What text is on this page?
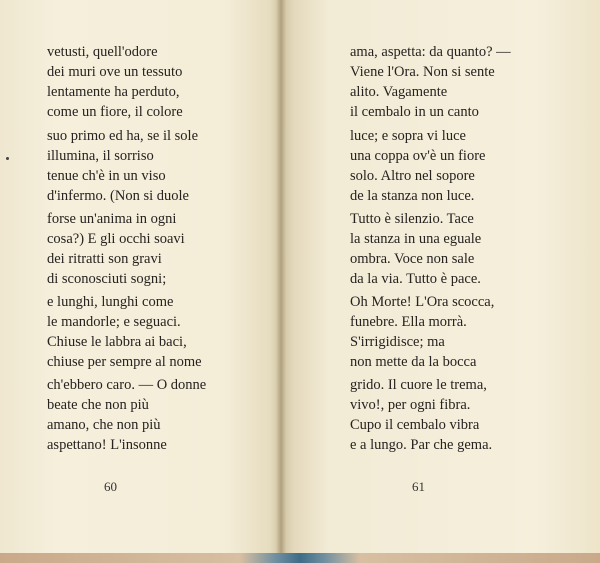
vetusti, quell'odore
dei muri ove un tessuto
lentamente ha perduto,
come un fiore, il colore
suo primo ed ha, se il sole
illumina, il sorriso
tenue ch'è in un viso
d'infermo. (Non si duole
forse un'anima in ogni
cosa?) E gli occhi soavi
dei ritratti son gravi
di sconosciuti sogni;
e lunghi, lunghi come
le mandorle; e seguaci.
Chiuse le labbra ai baci,
chiuse per sempre al nome
ch'ebbero caro. — O donne
beate che non più
amano, che non più
aspettano! L'insonne
60
ama, aspetta: da quanto? —
Viene l'Ora. Non si sente
alito. Vagamente
il cembalo in un canto
luce; e sopra vi luce
una coppa ov'è un fiore
solo. Altro nel sopore
de la stanza non luce.
Tutto è silenzio. Tace
la stanza in una eguale
ombra. Voce non sale
da la via. Tutto è pace.
Oh Morte! L'Ora scocca,
funebre. Ella morrà.
S'irrigidisce; ma
non mette da la bocca
grido. Il cuore le trema,
vivo!, per ogni fibra.
Cupo il cembalo vibra
e a lungo. Par che gema.
61
